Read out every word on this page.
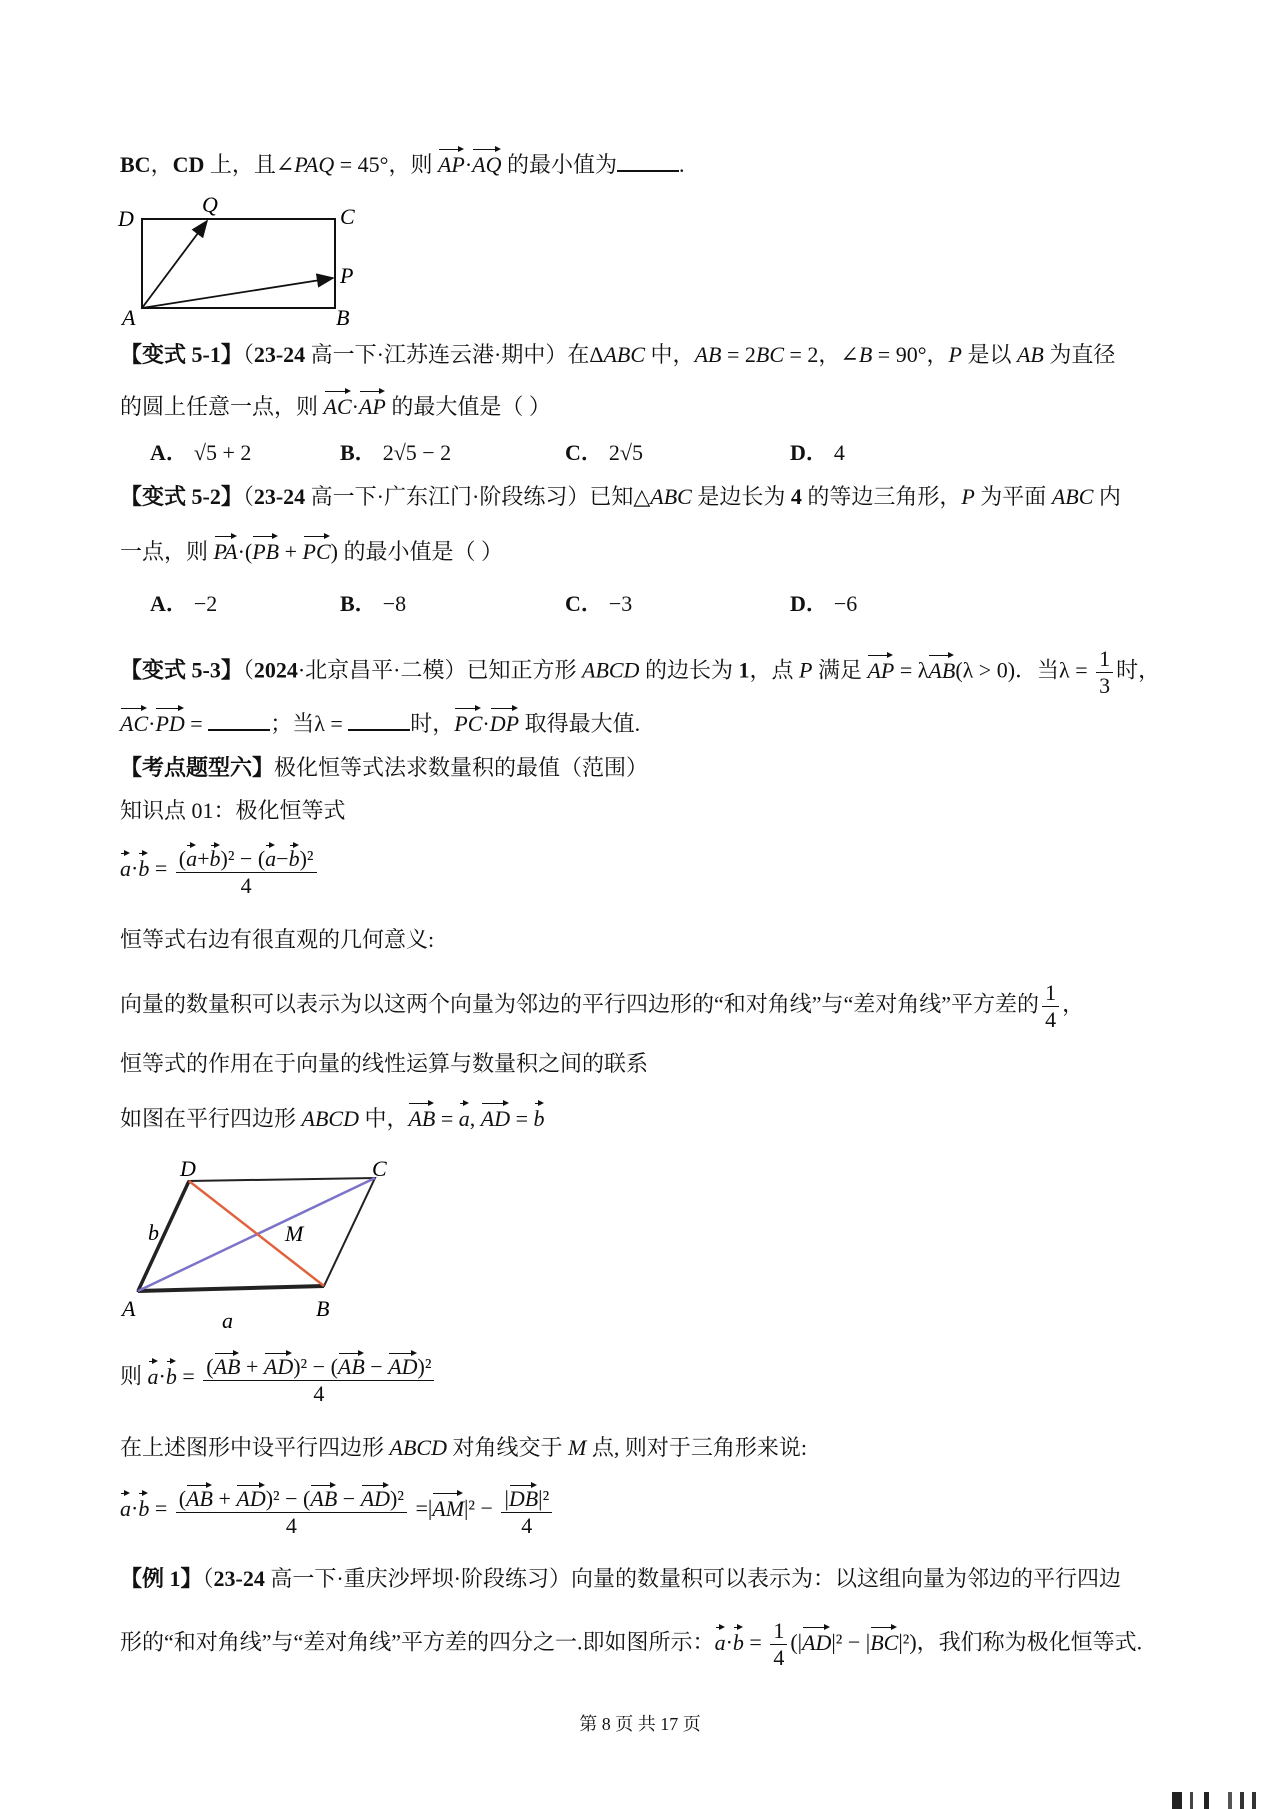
BC，CD 上，且∠PAQ = 45°，则 AP·AQ 的最小值为	.
D
Q	C
P
A	B
【变式 5-1】（23-24 高一下·江苏连云港·期中）在ΔABC 中，AB = 2BC = 2，∠B = 90°，P 是以 AB 为直径
的圆上任意一点，则 AC·AP 的最大值是（ ）
A． √5 + 2	B． 2√5 − 2	C． 2√5	D． 4
【变式 5-2】（23-24 高一下·广东江门·阶段练习）已知△ABC 是边长为 4 的等边三角形，P 为平面 ABC 内
一点，则 PA·(PB + PC) 的最小值是（ ）
A． −2	B． −8	C． −3	D． −6
【变式 5-3】（2024·北京昌平·二模）已知正方形 ABCD 的边长为 1，点 P 满足 AP = λAB(λ > 0)．当$\lambda = \frac{1}{3}$ 时，
AC·PD =	；当λ =	时，PC·DP 取得最大值.
【考点题型六】极化恒等式法求数量积的最值（范围）
知识点 01：极化恒等式
$a\cdot b = \frac{\text{(a+b)² − (a−b)²}}{4}$
恒等式右边有很直观的几何意义:
向量的数量积可以表示为以这两个向量为邻边的平行四边形的“和对角线”与“差对角线”平方差的 $\frac{1}{4}$ ，
恒等式的作用在于向量的线性运算与数量积之间的联系
如图在平行四边形 ABCD 中，AB = a, AD = b
D	C
b	M
A	a	B
则 $a\cdot b = \frac{\text{(AB + AD)² − (AB − AD)²}}{4}$
在上述图形中设平行四边形 ABCD 对角线交于 M 点, 则对于三角形来说:
$a\cdot b = \frac{\text{(AB + AD)² − (AB − AD)²}}{4} =|AM|^2 - \frac{\text{|DB|²}}{4}$
【例 1】（23-24 高一下·重庆沙坪坝·阶段练习）向量的数量积可以表示为：以这组向量为邻边的平行四边
形的“和对角线”与“差对角线”平方差的四分之一.即如图所示：$a\cdot b = \frac{1}{4} (|AD|^2 - |BC|^2)$，我们称为极化恒等式.
第 8 页 共 17 页
